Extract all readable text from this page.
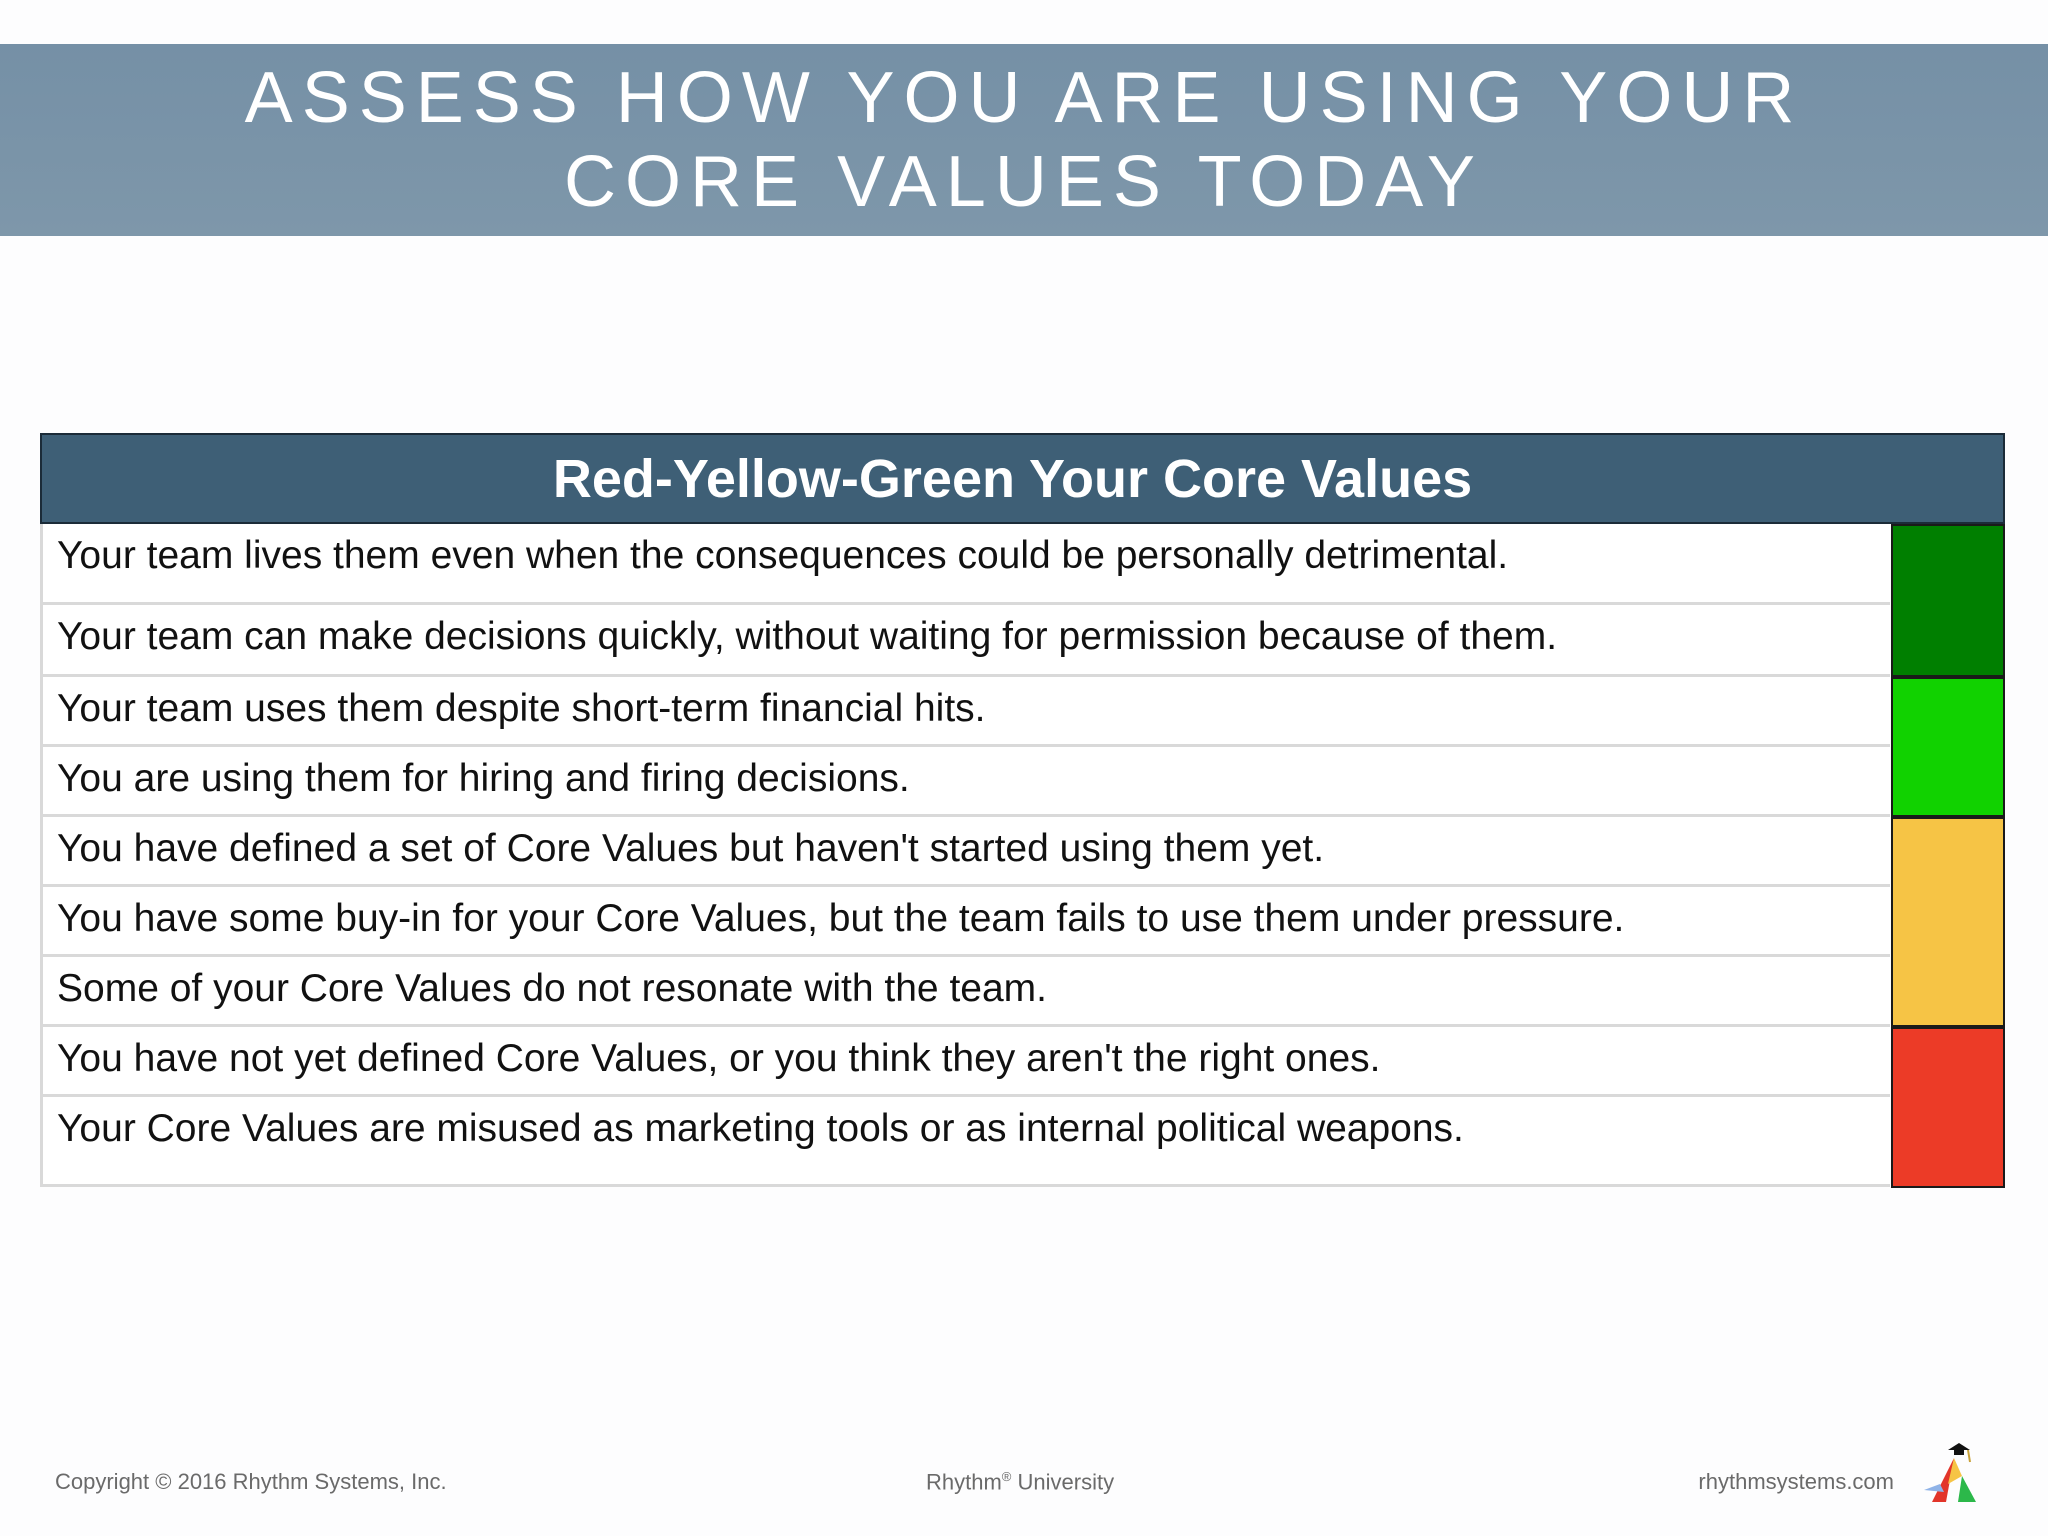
ASSESS HOW YOU ARE USING YOUR
CORE VALUES TODAY
Red-Yellow-Green Your Core Values
Your team lives them even when the consequences could be personally detrimental.
Your team can make decisions quickly, without waiting for permission because of them.
Your team uses them despite short-term financial hits.
You are using them for hiring and firing decisions.
You have defined a set of Core Values but haven't started using them yet.
You have some buy-in for your Core Values, but the team fails to use them under pressure.
Some of your Core Values do not resonate with the team.
You have not yet defined Core Values, or you think they aren't the right ones.
Your Core Values are misused as marketing tools or as internal political weapons.
Copyright © 2016 Rhythm Systems, Inc.	Rhythm® University	rhythmsystems.com
